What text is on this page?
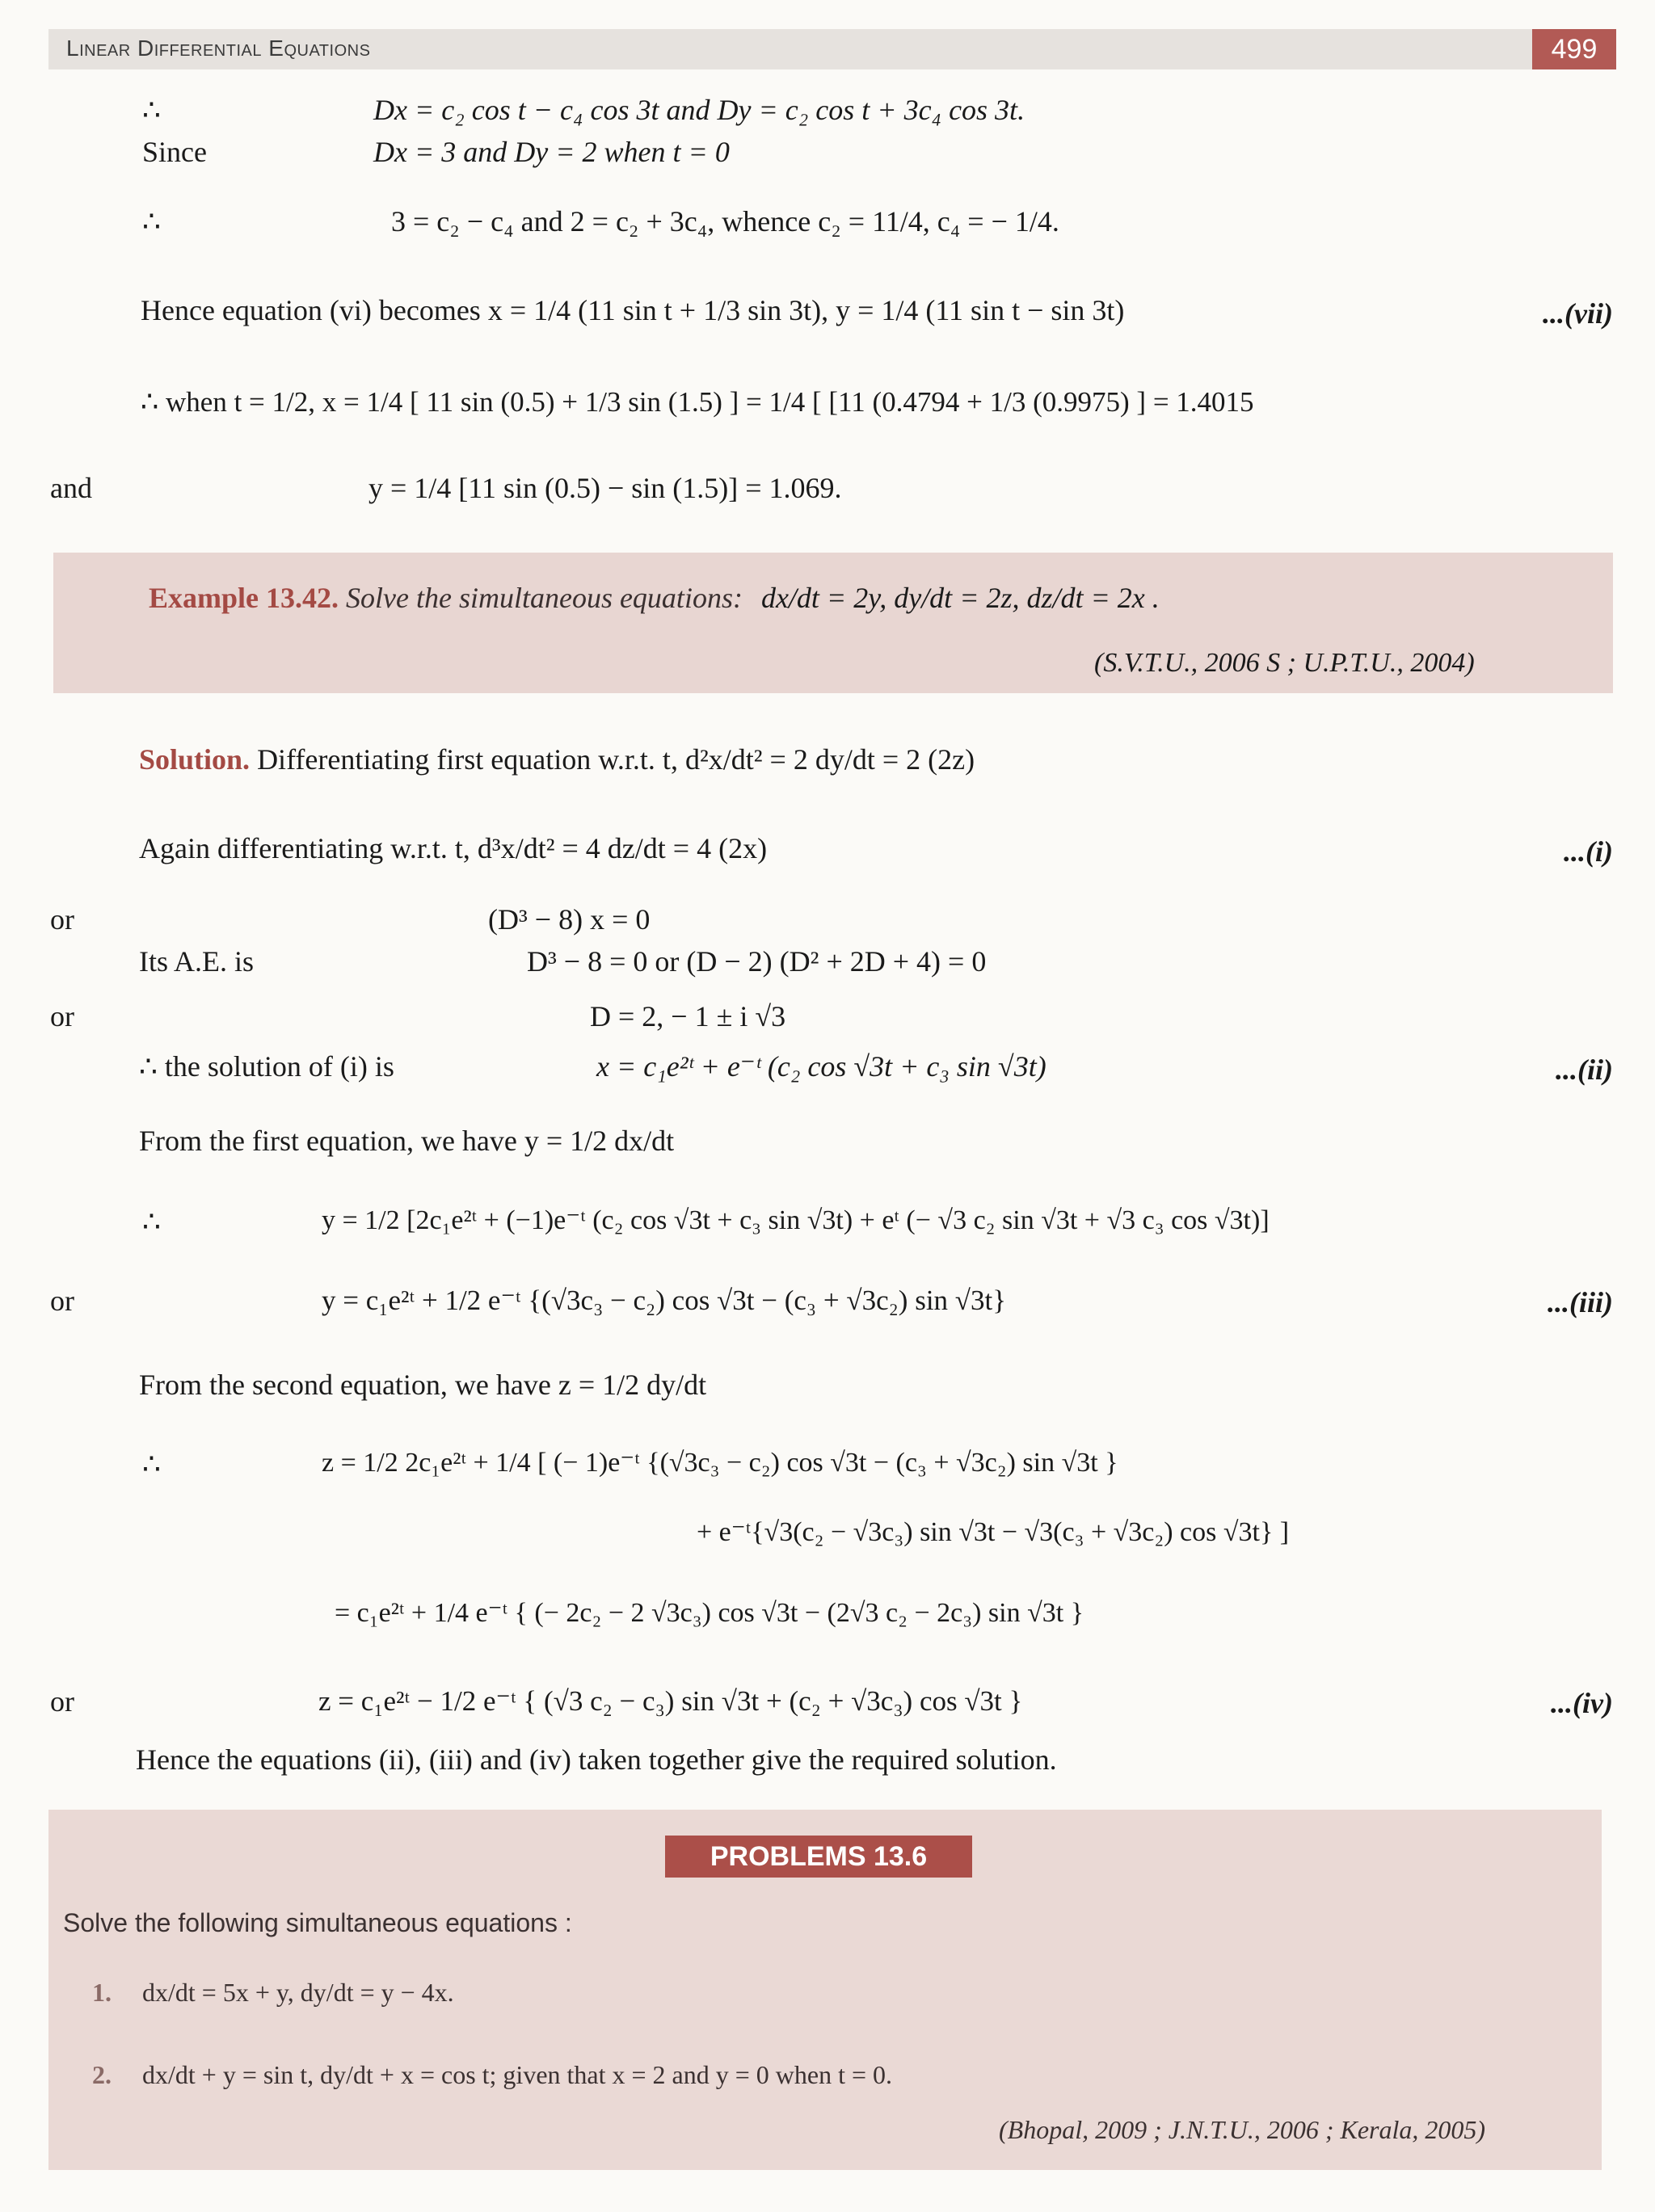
Linear Differential Equations	499
∴	Dx = c₂ cos t − c₄ cos 3t and Dy = c₂ cos t + 3c₄ cos 3t.
Since	Dx = 3 and Dy = 2 when t = 0
∴	3 = c₂ − c₄ and 2 = c₂ + 3c₄, whence c₂ = 11/4, c₄ = − 1/4.
Hence equation (vi) becomes x = 1/4 (11 sin t + 1/3 sin 3t), y = 1/4 (11 sin t − sin 3t)	...(vii)
∴ when t = 1/2, x = 1/4 [ 11 sin (0.5) + 1/3 sin (1.5) ] = 1/4 [ [11 (0.4794 + 1/3 (0.9975) ] = 1.4015
and	y = 1/4 [11 sin (0.5) − sin (1.5)] = 1.069.
Example 13.42. Solve the simultaneous equations: dx/dt = 2y, dy/dt = 2z, dz/dt = 2x .
(S.V.T.U., 2006 S ; U.P.T.U., 2004)
Solution. Differentiating first equation w.r.t. t, d²x/dt² = 2 dy/dt = 2 (2z)
Again differentiating w.r.t. t, d³x/dt² = 4 dz/dt = 4 (2x)	...(i)
or	(D³ − 8) x = 0
Its A.E. is	D³ − 8 = 0 or (D − 2) (D² + 2D + 4) = 0
or	D = 2, − 1 ± i √3
∴ the solution of (i) is	x = c₁e²ᵗ + e⁻ᵗ (c₂ cos √3t + c₃ sin √3t)	...(ii)
From the first equation, we have y = 1/2 dx/dt
∴	y = 1/2 [2c₁e²ᵗ + (−1)e⁻ᵗ (c₂ cos √3t + c₃ sin √3t) + eᵗ (− √3 c₂ sin √3t + √3 c₃ cos √3t)]
or	y = c₁e²ᵗ + 1/2 e⁻ᵗ {(√3c₃ − c₂) cos √3t − (c₃ + √3c₂) sin √3t}	...(iii)
From the second equation, we have z = 1/2 dy/dt
∴	z = 1/2 2c₁e²ᵗ + 1/4 [ (− 1)e⁻ᵗ {(√3c₃ − c₂) cos √3t − (c₃ + √3c₂) sin √3t }
+ e⁻ᵗ{√3(c₂ − √3c₃) sin √3t − √3(c₃ + √3c₂) cos √3t} ]
= c₁e²ᵗ + 1/4 e⁻ᵗ { (− 2c₂ − 2 √3c₃) cos √3t − (2√3 c₂ − 2c₃) sin √3t }
or	z = c₁e²ᵗ − 1/2 e⁻ᵗ { (√3 c₂ − c₃) sin √3t + (c₂ + √3c₃) cos √3t }	...(iv)
Hence the equations (ii), (iii) and (iv) taken together give the required solution.
PROBLEMS 13.6
Solve the following simultaneous equations :
1. dx/dt = 5x + y, dy/dt = y − 4x.
2. dx/dt + y = sin t, dy/dt + x = cos t; given that x = 2 and y = 0 when t = 0.
(Bhopal, 2009 ; J.N.T.U., 2006 ; Kerala, 2005)
